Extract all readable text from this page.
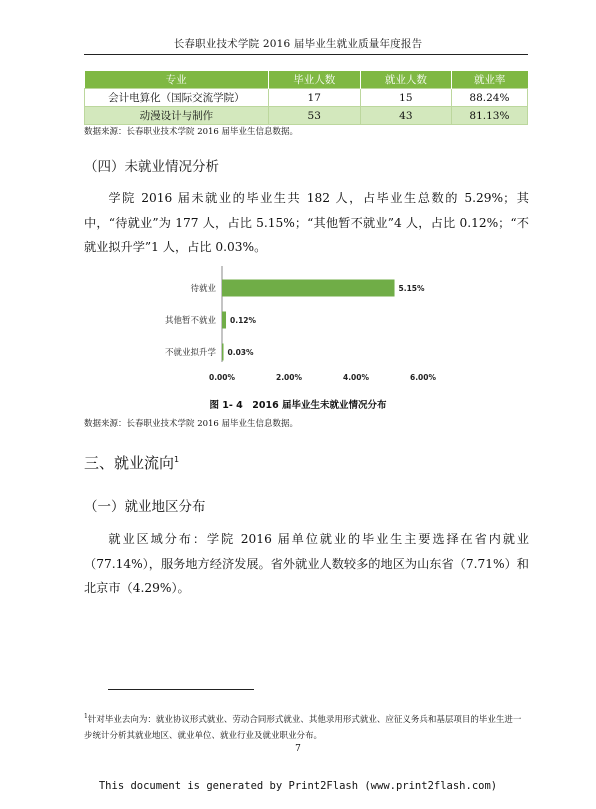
长春职业技术学院 2016 届毕业生就业质量年度报告
专业	毕业人数	就业人数	就业率
会计电算化（国际交流学院）	17	15	88.24%
动漫设计与制作	53	43	81.13%
数据来源：长春职业技术学院 2016 届毕业生信息数据。
（四）未就业情况分析
学院 2016 届未就业的毕业生共 182 人，占毕业生总数的 5.29%；其中，“待就业”为 177 人，占比 5.15%；“其他暂不就业”4 人，占比 0.12%；“不就业拟升学”1 人，占比 0.03%。
待就业	5.15%
其他暂不就业 0.12%
不就业拟升学 0.03%
0.00%	2.00%	4.00%	6.00%
图 1- 4　2016 届毕业生未就业情况分布
数据来源：长春职业技术学院 2016 届毕业生信息数据。
三、就业流向$^1$
（一）就业地区分布
就业区域分布：学院 2016 届单位就业的毕业生主要选择在省内就业（77.14%），服务地方经济发展。省外就业人数较多的地区为山东省（7.71%）和北京市（4.29%）。
$^1$针对毕业去向为：就业协议形式就业、劳动合同形式就业、其他录用形式就业、应征义务兵和基层项目的毕业生进一步统计分析其就业地区、就业单位、就业行业及就业职业分布。
7
This document is generated by Print2Flash (www.print2flash.com)
